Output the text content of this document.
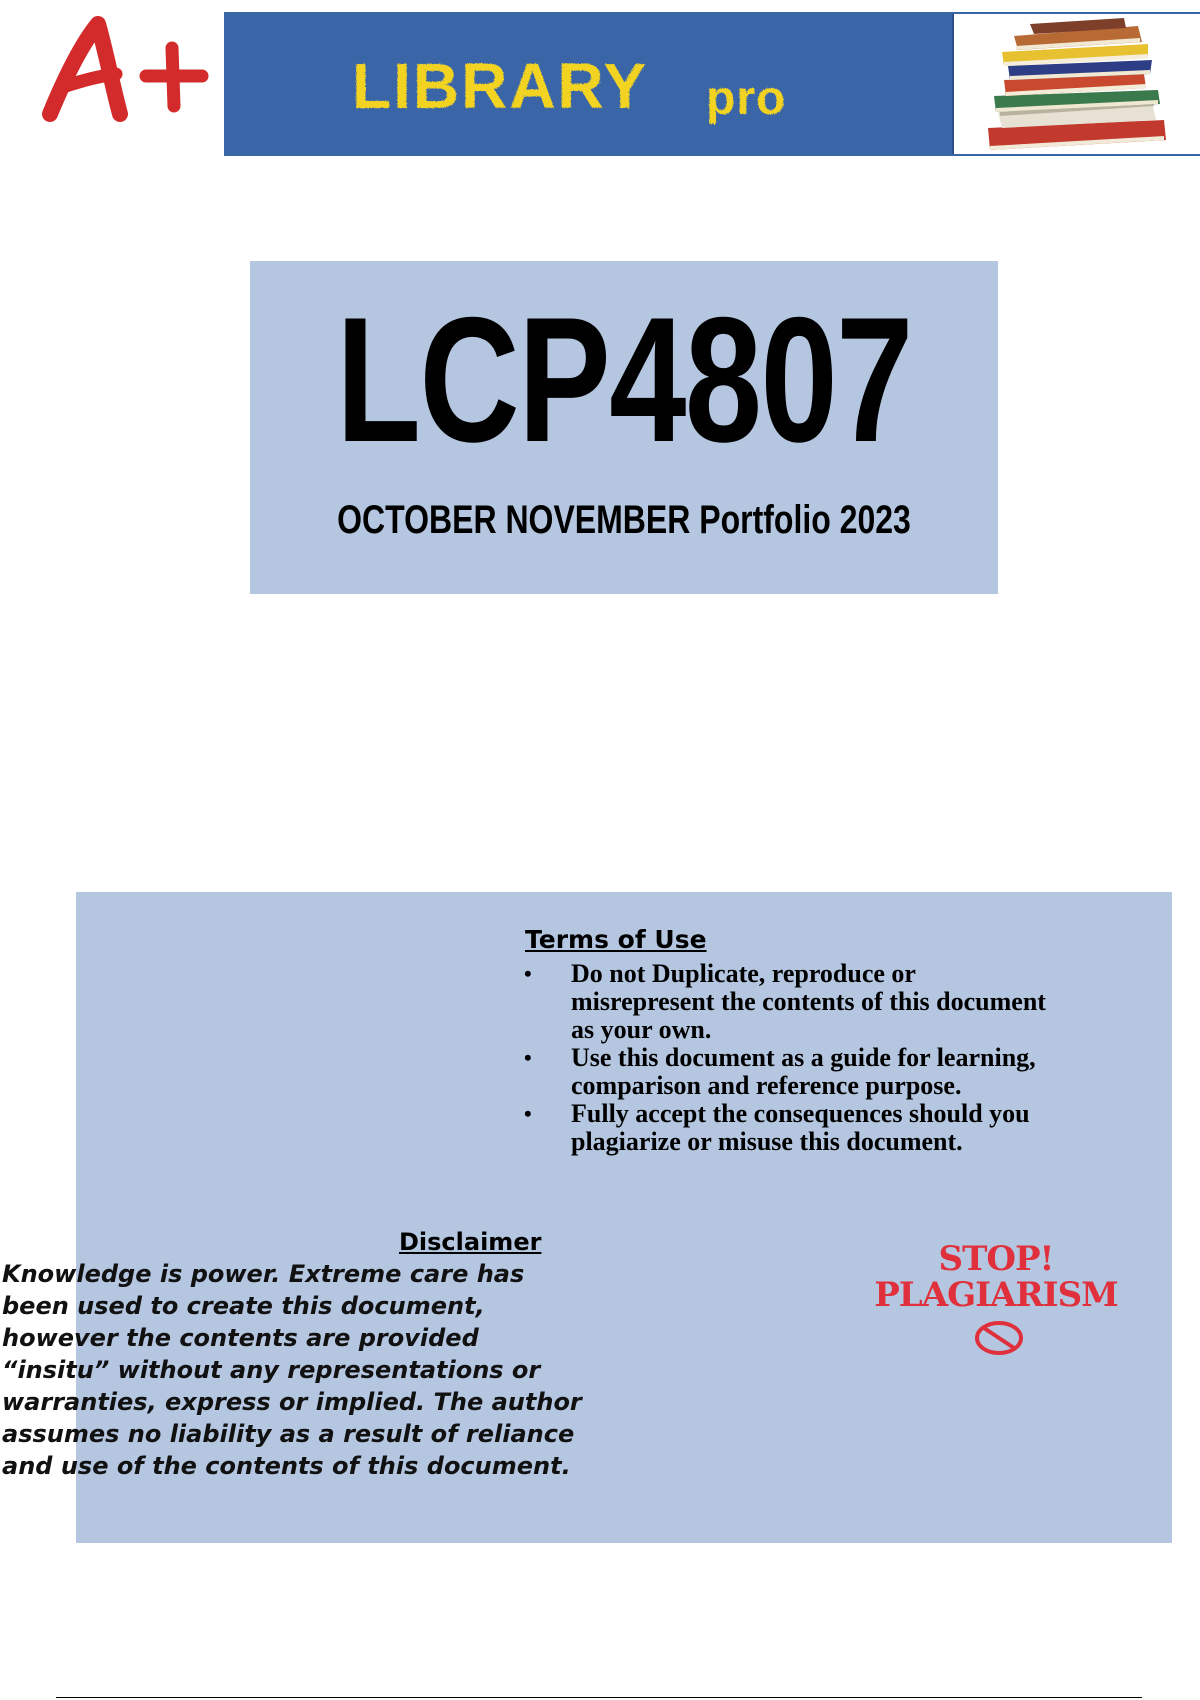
LIBRARY pro
LCP4807
OCTOBER NOVEMBER Portfolio 2023
Terms of Use
• Do not Duplicate, reproduce or
misrepresent the contents of this document
as your own.
• Use this document as a guide for learning,
comparison and reference purpose.
• Fully accept the consequences should you
plagiarize or misuse this document.
Disclaimer
Knowledge is power. Extreme care has
been used to create this document,
however the contents are provided
“insitu” without any representations or
warranties, express or implied. The author
assumes no liability as a result of reliance
and use of the contents of this document.
STOP!
PLAGIARISM
